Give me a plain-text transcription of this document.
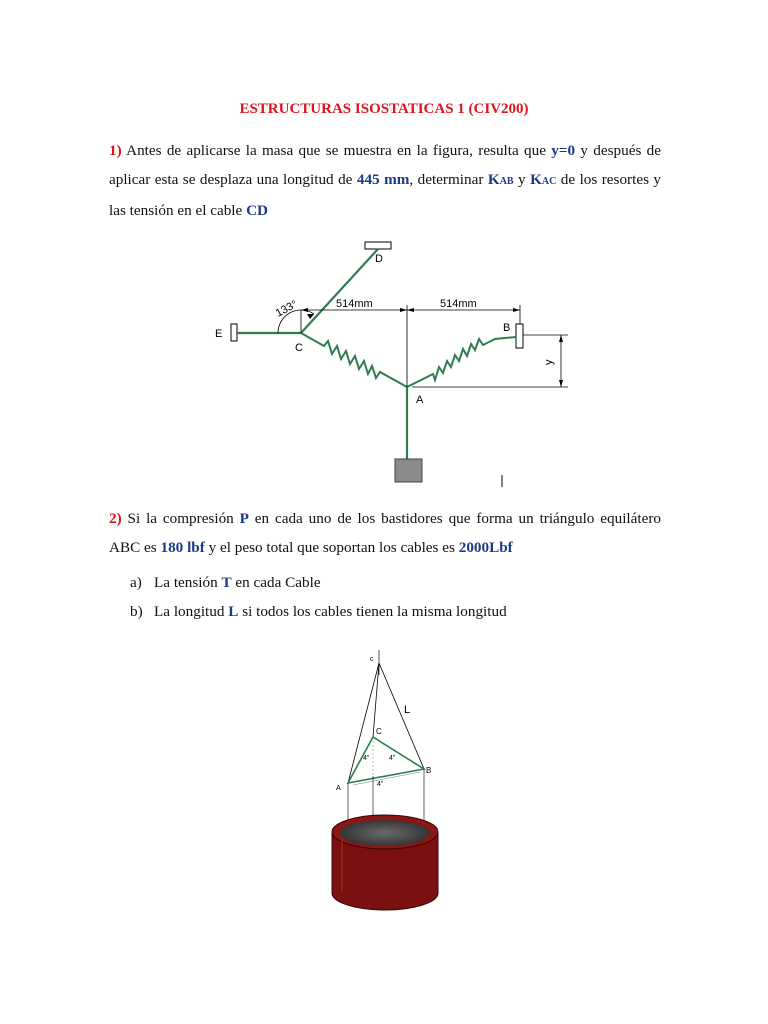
ESTRUCTURAS ISOSTATICAS 1 (CIV200)
1) Antes de aplicarse la masa que se muestra en la figura, resulta que y=0 y después de aplicar esta se desplaza una longitud de 445 mm, determinar KAB y KAC de los resortes y las tensión en el cable CD
D
E
C
B
A
133°	514mm	514mm
y
2) Si la compresión P en cada uno de los bastidores que forma un triángulo equilátero ABC es 180 lbf y el peso total que soportan los cables es 2000Lbf
a) La tensión T en cada Cable
b) La longitud L si todos los cables tienen la misma longitud
c
L
C
B
A
4"	4"
4"
